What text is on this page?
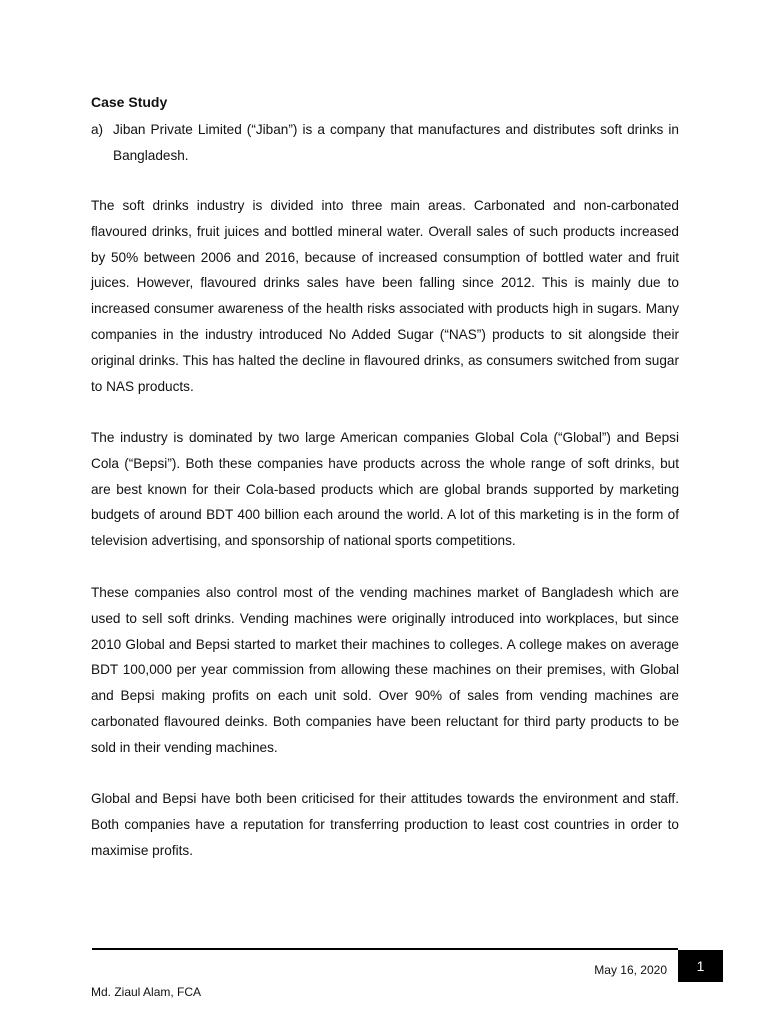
Case Study
a) Jiban Private Limited (“Jiban”) is a company that manufactures and distributes soft drinks in Bangladesh.

The soft drinks industry is divided into three main areas. Carbonated and non-carbonated flavoured drinks, fruit juices and bottled mineral water. Overall sales of such products increased by 50% between 2006 and 2016, because of increased consumption of bottled water and fruit juices. However, flavoured drinks sales have been falling since 2012. This is mainly due to increased consumer awareness of the health risks associated with products high in sugars. Many companies in the industry introduced No Added Sugar (“NAS”) products to sit alongside their original drinks. This has halted the decline in flavoured drinks, as consumers switched from sugar to NAS products.

The industry is dominated by two large American companies Global Cola (“Global”) and Bepsi Cola (“Bepsi”). Both these companies have products across the whole range of soft drinks, but are best known for their Cola-based products which are global brands supported by marketing budgets of around BDT 400 billion each around the world. A lot of this marketing is in the form of television advertising, and sponsorship of national sports competitions.

These companies also control most of the vending machines market of Bangladesh which are used to sell soft drinks. Vending machines were originally introduced into workplaces, but since 2010 Global and Bepsi started to market their machines to colleges. A college makes on average BDT 100,000 per year commission from allowing these machines on their premises, with Global and Bepsi making profits on each unit sold. Over 90% of sales from vending machines are carbonated flavoured deinks. Both companies have been reluctant for third party products to be sold in their vending machines.

Global and Bepsi have both been criticised for their attitudes towards the environment and staff. Both companies have a reputation for transferring production to least cost countries in order to maximise profits.

May 16, 2020	1
Md. Ziaul Alam, FCA
